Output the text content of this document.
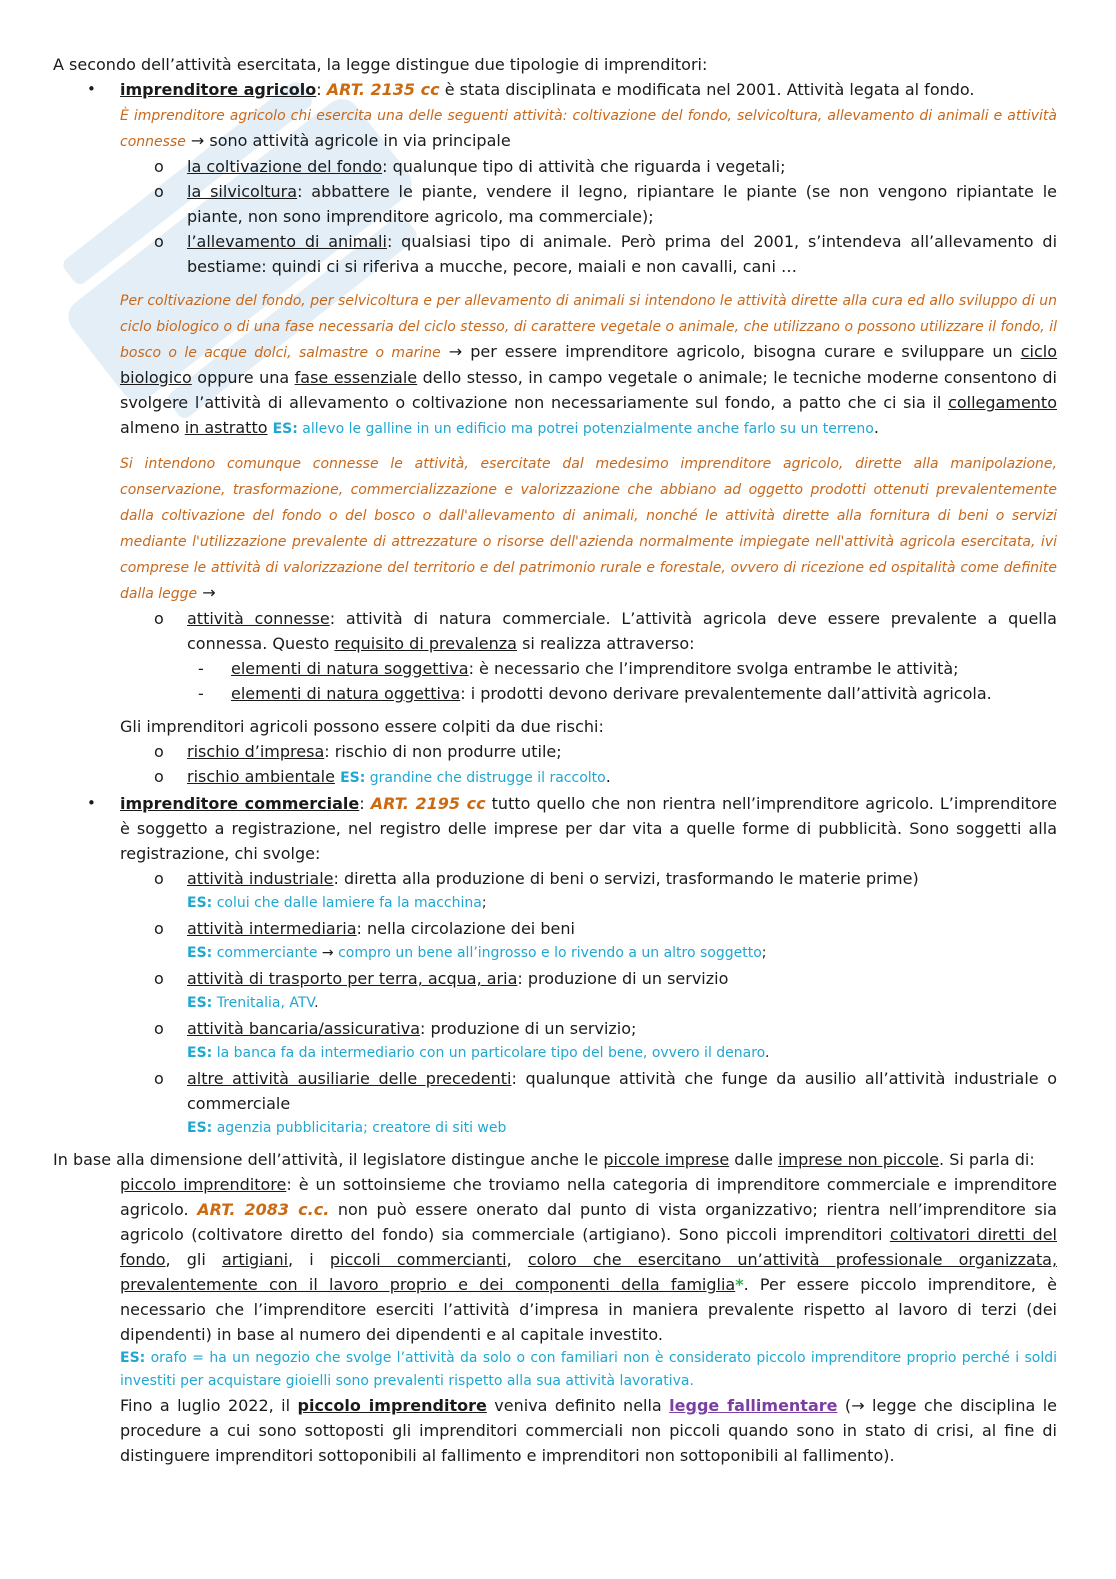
A secondo dell’attività esercitata, la legge distingue due tipologie di imprenditori:

• imprenditore agricolo: ART. 2135 cc è stata disciplinata e modificata nel 2001. Attività legata al fondo.
È imprenditore agricolo chi esercita una delle seguenti attività: coltivazione del fondo, selvicoltura, allevamento di animali e attività connesse → sono attività agricole in via principale
o la coltivazione del fondo: qualunque tipo di attività che riguarda i vegetali;
o la silvicoltura: abbattere le piante, vendere il legno, ripiantare le piante (se non vengono ripiantate le piante, non sono imprenditore agricolo, ma commerciale);
o l’allevamento di animali: qualsiasi tipo di animale. Però prima del 2001, s’intendeva all’allevamento di bestiame: quindi ci si riferiva a mucche, pecore, maiali e non cavalli, cani …
Per coltivazione del fondo, per selvicoltura e per allevamento di animali si intendono le attività dirette alla cura ed allo sviluppo di un ciclo biologico o di una fase necessaria del ciclo stesso, di carattere vegetale o animale, che utilizzano o possono utilizzare il fondo, il bosco o le acque dolci, salmastre o marine → per essere imprenditore agricolo, bisogna curare e sviluppare un ciclo biologico oppure una fase essenziale dello stesso, in campo vegetale o animale; le tecniche moderne consentono di svolgere l’attività di allevamento o coltivazione non necessariamente sul fondo, a patto che ci sia il collegamento almeno in astratto ES: allevo le galline in un edificio ma potrei potenzialmente anche farlo su un terreno.
Si intendono comunque connesse le attività, esercitate dal medesimo imprenditore agricolo, dirette alla manipolazione, conservazione, trasformazione, commercializzazione e valorizzazione che abbiano ad oggetto prodotti ottenuti prevalentemente dalla coltivazione del fondo o del bosco o dall'allevamento di animali, nonché le attività dirette alla fornitura di beni o servizi mediante l'utilizzazione prevalente di attrezzature o risorse dell'azienda normalmente impiegate nell'attività agricola esercitata, ivi comprese le attività di valorizzazione del territorio e del patrimonio rurale e forestale, ovvero di ricezione ed ospitalità come definite dalla legge →
o attività connesse: attività di natura commerciale. L’attività agricola deve essere prevalente a quella connessa. Questo requisito di prevalenza si realizza attraverso:
- elementi di natura soggettiva: è necessario che l’imprenditore svolga entrambe le attività;
- elementi di natura oggettiva: i prodotti devono derivare prevalentemente dall’attività agricola.

Gli imprenditori agricoli possono essere colpiti da due rischi:

o rischio d’impresa: rischio di non produrre utile;
o rischio ambientale ES: grandine che distrugge il raccolto.
• imprenditore commerciale: ART. 2195 cc tutto quello che non rientra nell’imprenditore agricolo. L’imprenditore è soggetto a registrazione, nel registro delle imprese per dar vita a quelle forme di pubblicità. Sono soggetti alla registrazione, chi svolge:
o attività industriale: diretta alla produzione di beni o servizi, trasformando le materie prime)
ES: colui che dalle lamiere fa la macchina;
o attività intermediaria: nella circolazione dei beni
ES: commerciante → compro un bene all’ingrosso e lo rivendo a un altro soggetto;
o attività di trasporto per terra, acqua, aria: produzione di un servizio
ES: Trenitalia, ATV.
o attività bancaria/assicurativa: produzione di un servizio;
ES: la banca fa da intermediario con un particolare tipo del bene, ovvero il denaro.
o altre attività ausiliarie delle precedenti: qualunque attività che funge da ausilio all’attività industriale o commerciale
ES: agenzia pubblicitaria; creatore di siti web

In base alla dimensione dell’attività, il legislatore distingue anche le piccole imprese dalle imprese non piccole. Si parla di:

piccolo imprenditore: è un sottoinsieme che troviamo nella categoria di imprenditore commerciale e imprenditore agricolo. ART. 2083 c.c. non può essere onerato dal punto di vista organizzativo; rientra nell’imprenditore sia agricolo (coltivatore diretto del fondo) sia commerciale (artigiano). Sono piccoli imprenditori coltivatori diretti del fondo, gli artigiani, i piccoli commercianti, coloro che esercitano un’attività professionale organizzata, prevalentemente con il lavoro proprio e dei componenti della famiglia*. Per essere piccolo imprenditore, è necessario che l’imprenditore eserciti l’attività d’impresa in maniera prevalente rispetto al lavoro di terzi (dei dipendenti) in base al numero dei dipendenti e al capitale investito.

ES: orafo = ha un negozio che svolge l’attività da solo o con familiari non è considerato piccolo imprenditore proprio perché i soldi investiti per acquistare gioielli sono prevalenti rispetto alla sua attività lavorativa.

Fino a luglio 2022, il piccolo imprenditore veniva definito nella legge fallimentare (→ legge che disciplina le procedure a cui sono sottoposti gli imprenditori commerciali non piccoli quando sono in stato di crisi, al fine di distinguere imprenditori sottoponibili al fallimento e imprenditori non sottoponibili al fallimento).
